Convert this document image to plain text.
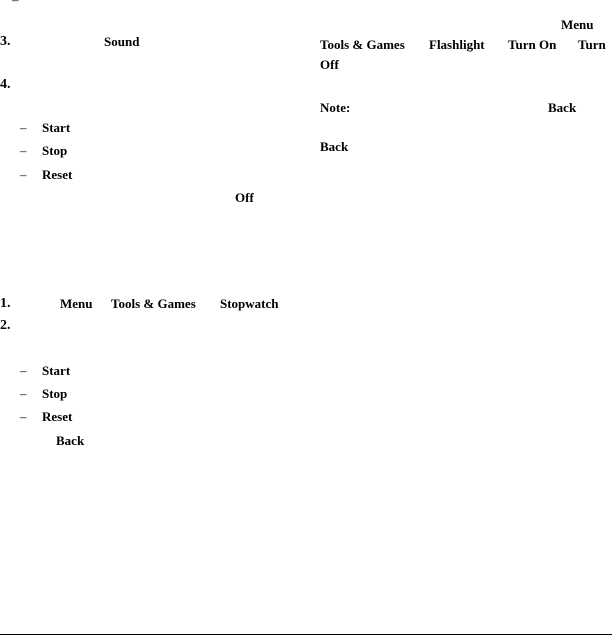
3.	Sound
4.
– Start
– Stop
– Reset
Off
1.	Menu Tools & Games Stopwatch
2.
– Start
– Stop
– Reset
Back
Menu
Tools & Games Flashlight Turn On Turn
Off
Note:	Back
Back
